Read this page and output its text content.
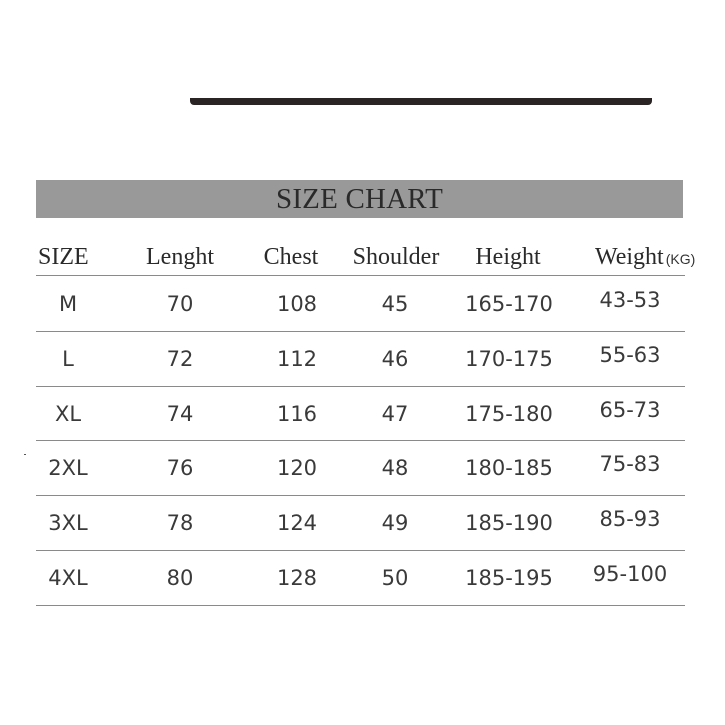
SIZE CHART
SIZE Lenght Chest Shoulder Height Weight (KG)
M	70	108	45	165-170 43-53
L	72	112	46	170-175 55-63
XL	74	116	47	175-180 65-73
2XL	76	120	48	180-185 75-83
3XL	78	124	49	185-190 85-93
4XL	80	128	50	185-195 95-100
